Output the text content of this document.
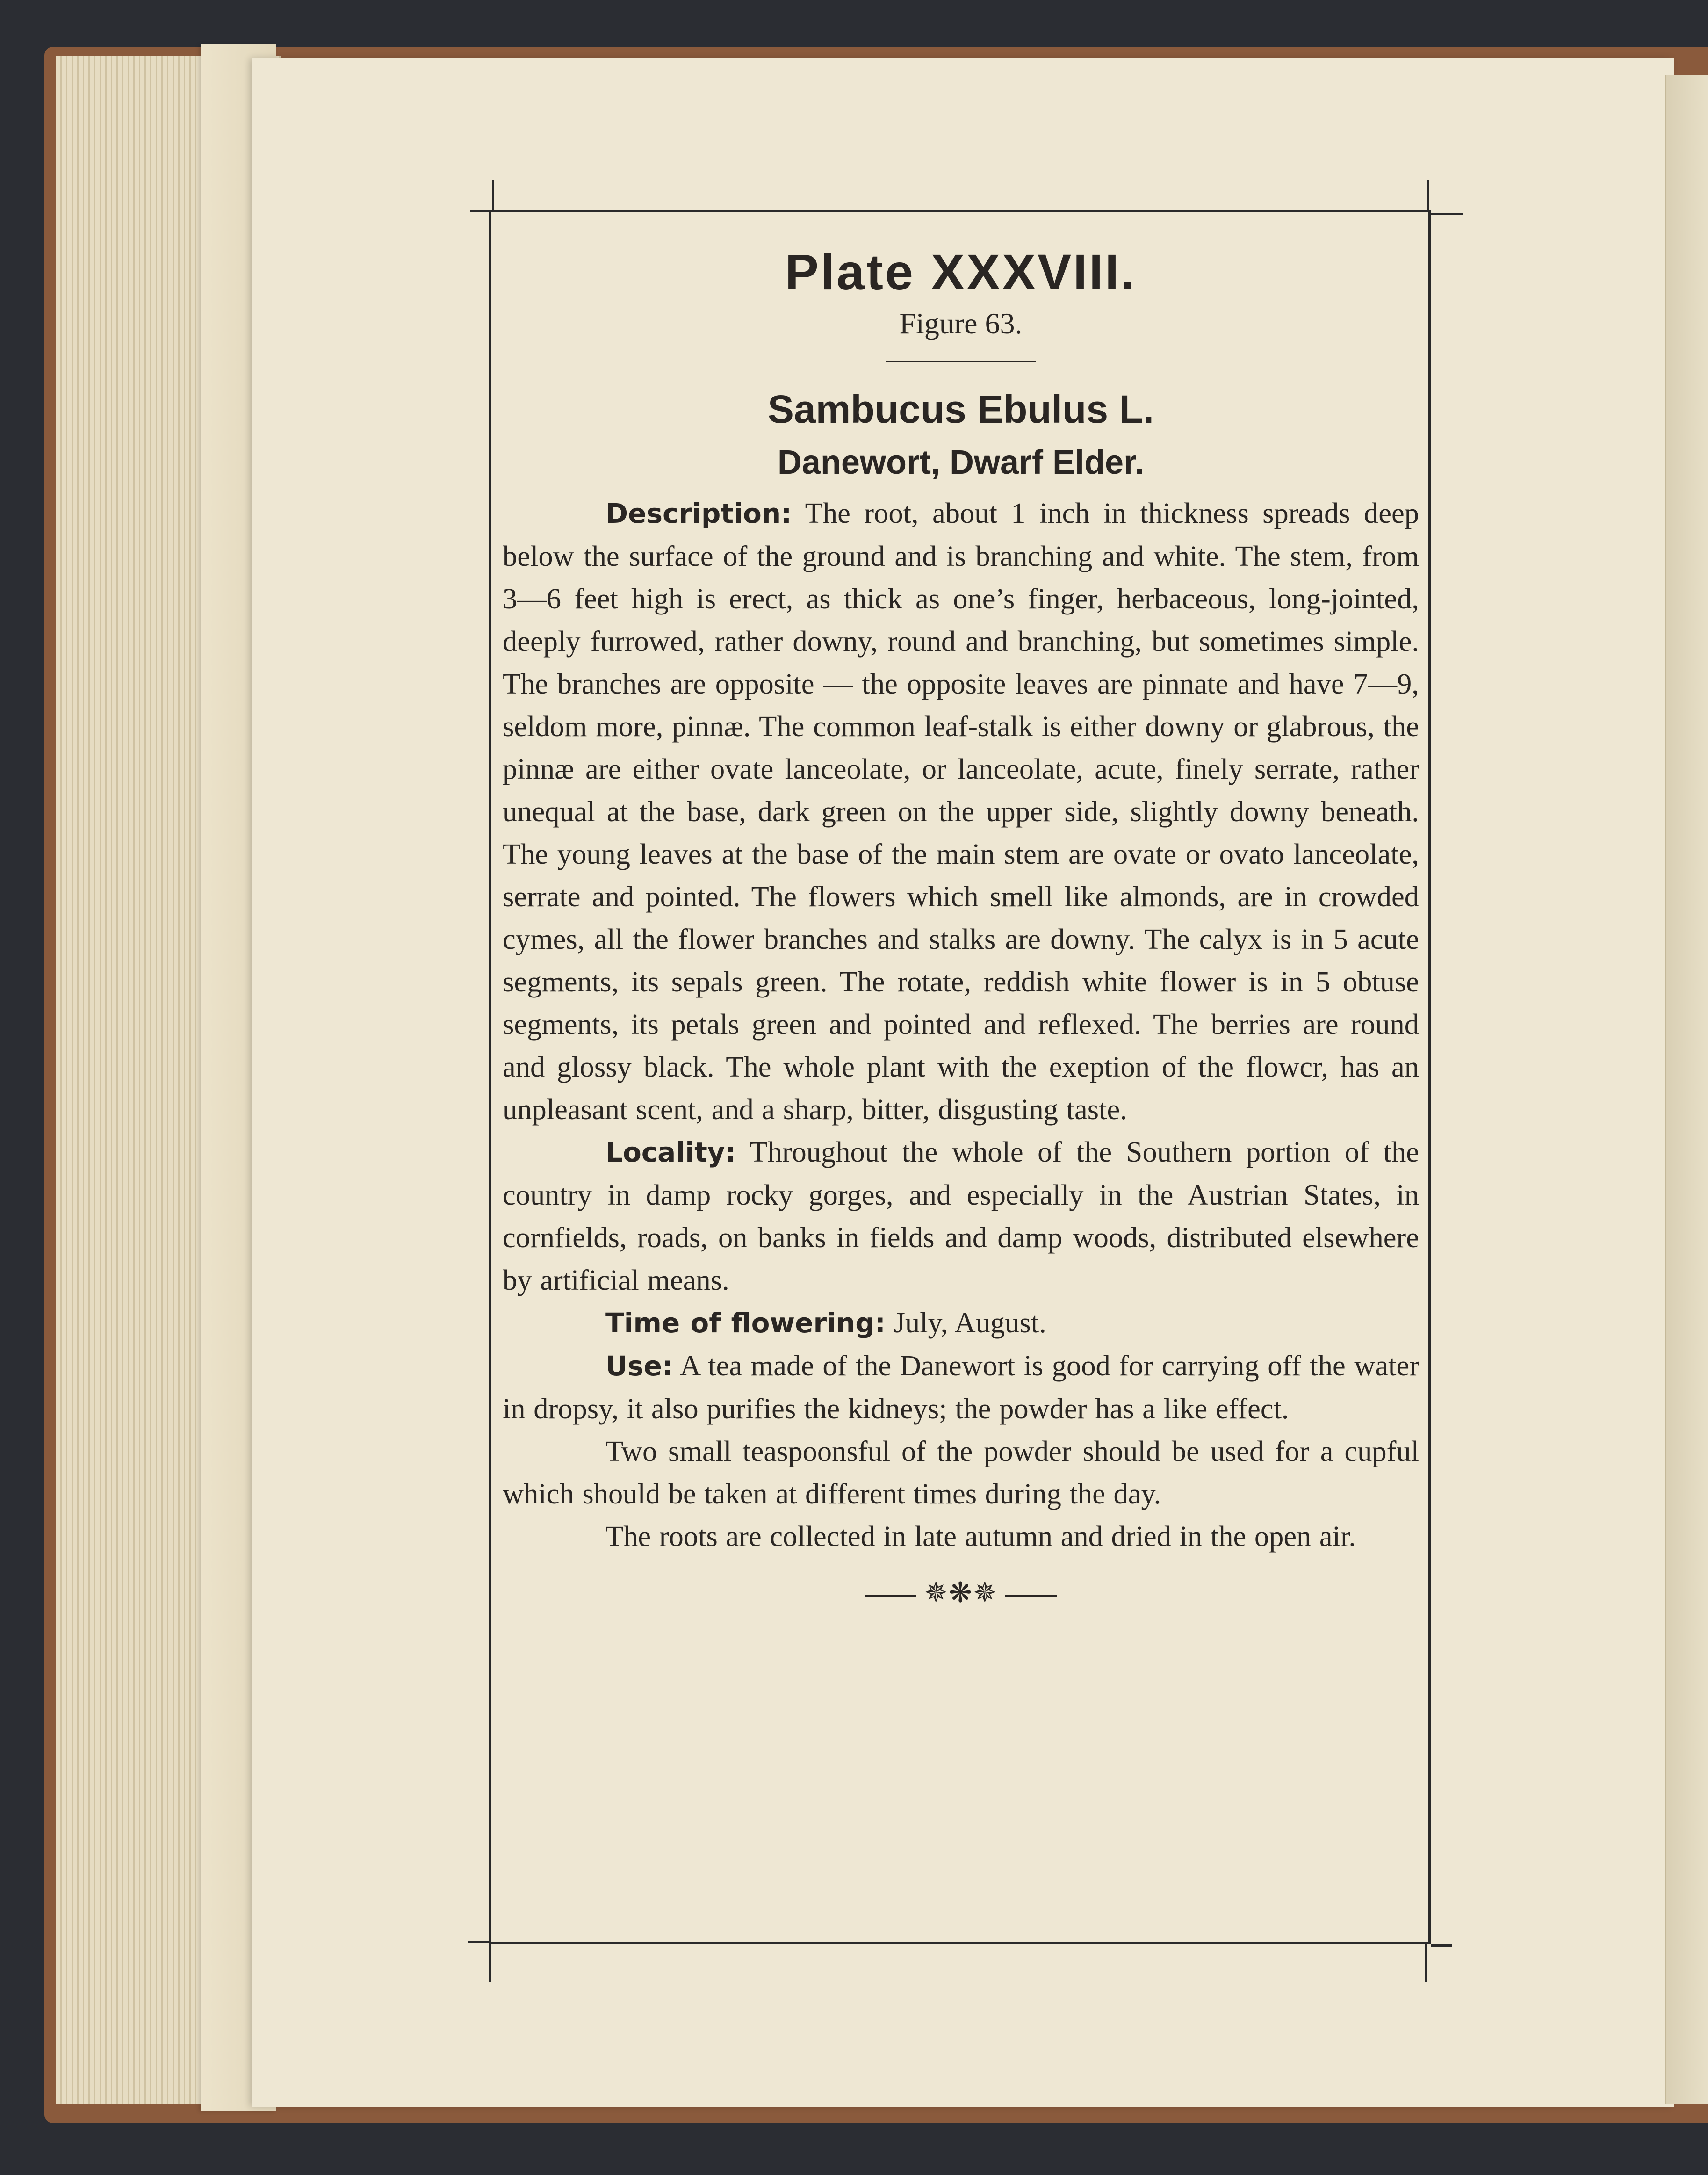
Plate XXXVIII.
Figure 63.
Sambucus Ebulus L.
Danewort, Dwarf Elder.

Description: The root, about 1 inch in thickness spreads deep below the surface of the ground and is branching and white. The stem, from 3—6 feet high is erect, as thick as one’s finger, herbaceous, long-jointed, deeply furrowed, rather downy, round and branching, but sometimes simple. The branches are opposite — the opposite leaves are pinnate and have 7—9, seldom more, pinnæ. The common leaf-stalk is either downy or glabrous, the pinnæ are either ovate lanceolate, or lanceolate, acute, finely serrate, rather unequal at the base, dark green on the upper side, slightly downy beneath. The young leaves at the base of the main stem are ovate or ovato lanceolate, serrate and pointed. The flowers which smell like almonds, are in crowded cymes, all the flower branches and stalks are downy. The calyx is in 5 acute segments, its sepals green. The rotate, reddish white flower is in 5 obtuse segments, its petals green and pointed and reflexed. The berries are round and glossy black. The whole plant with the exeption of the flowcr, has an unpleasant scent, and a sharp, bitter, disgusting taste.

Locality: Throughout the whole of the Southern portion of the country in damp rocky gorges, and especially in the Austrian States, in cornfields, roads, on banks in fields and damp woods, distributed elsewhere by artificial means.

Time of flowering: July, August.

Use: A tea made of the Danewort is good for carrying off the water in dropsy, it also purifies the kidneys; the powder has a like effect.

Two small teaspoonsful of the powder should be used for a cupful which should be taken at different times during the day.

The roots are collected in late autumn and dried in the open air.

✵❋✵
